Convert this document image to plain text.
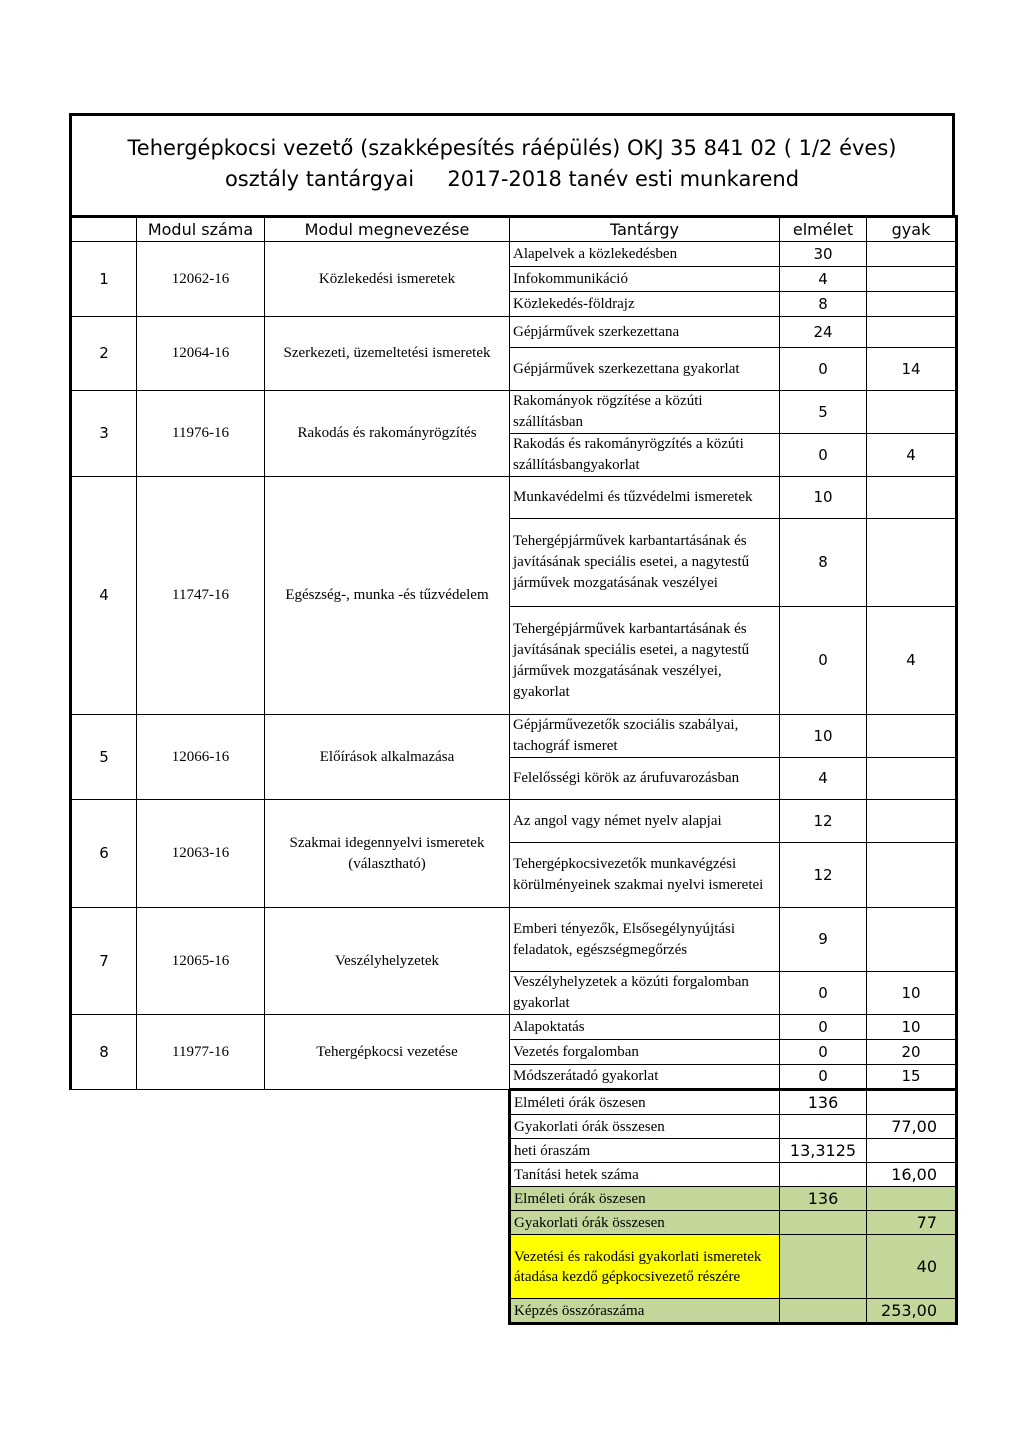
Tehergépkocsi vezető (szakképesítés ráépülés) OKJ 35 841 02 ( 1/2 éves)
osztály tantárgyai     2017-2018 tanév esti munkarend
	Modul száma	Modul megnevezése	Tantárgy	elmélet	gyak
1	12062-16	Közlekedési ismeretek	Alapelvek a közlekedésben	30	
			Infokommunikáció	4	
			Közlekedés-földrajz	8	
2	12064-16	Szerkezeti, üzemeltetési ismeretek	Gépjárművek szerkezettana	24	
			Gépjárművek szerkezettana gyakorlat	0	14
3	11976-16	Rakodás és rakományrögzítés	Rakományok rögzítése a közúti szállításban	5	
			Rakodás és rakományrögzítés a közúti szállításbangyakorlat	0	4
4	11747-16	Egészség-, munka -és tűzvédelem	Munkavédelmi és tűzvédelmi ismeretek	10	
			Tehergépjárművek karbantartásának és javításának speciális esetei, a nagytestű járművek mozgatásának veszélyei	8	
			Tehergépjárművek karbantartásának és javításának speciális esetei, a nagytestű járművek mozgatásának veszélyei, gyakorlat	0	4
5	12066-16	Előírások alkalmazása	Gépjárművezetők szociális szabályai, tachográf ismeret	10	
			Felelősségi körök az árufuvarozásban	4	
6	12063-16	Szakmai idegennyelvi ismeretek (választható)	Az angol vagy német nyelv alapjai	12	
			Tehergépkocsivezetők munkavégzési körülményeinek szakmai nyelvi ismeretei	12	
7	12065-16	Veszélyhelyzetek	Emberi tényezők, Elsősegélynyújtási feladatok, egészségmegőrzés	9	
			Veszélyhelyzetek a közúti forgalomban gyakorlat	0	10
8	11977-16	Tehergépkocsi vezetése	Alapoktatás	0	10
			Vezetés forgalomban	0	20
			Módszerátadó gyakorlat	0	15
Elméleti órák öszesen	136	
Gyakorlati órák összesen		77,00
heti óraszám	13,3125	
Tanítási hetek száma		16,00
Elméleti órák öszesen	136	
Gyakorlati órák összesen		77
Vezetési és rakodási gyakorlati ismeretek átadása kezdő gépkocsivezető részére		40
Képzés összóraszáma		253,00
